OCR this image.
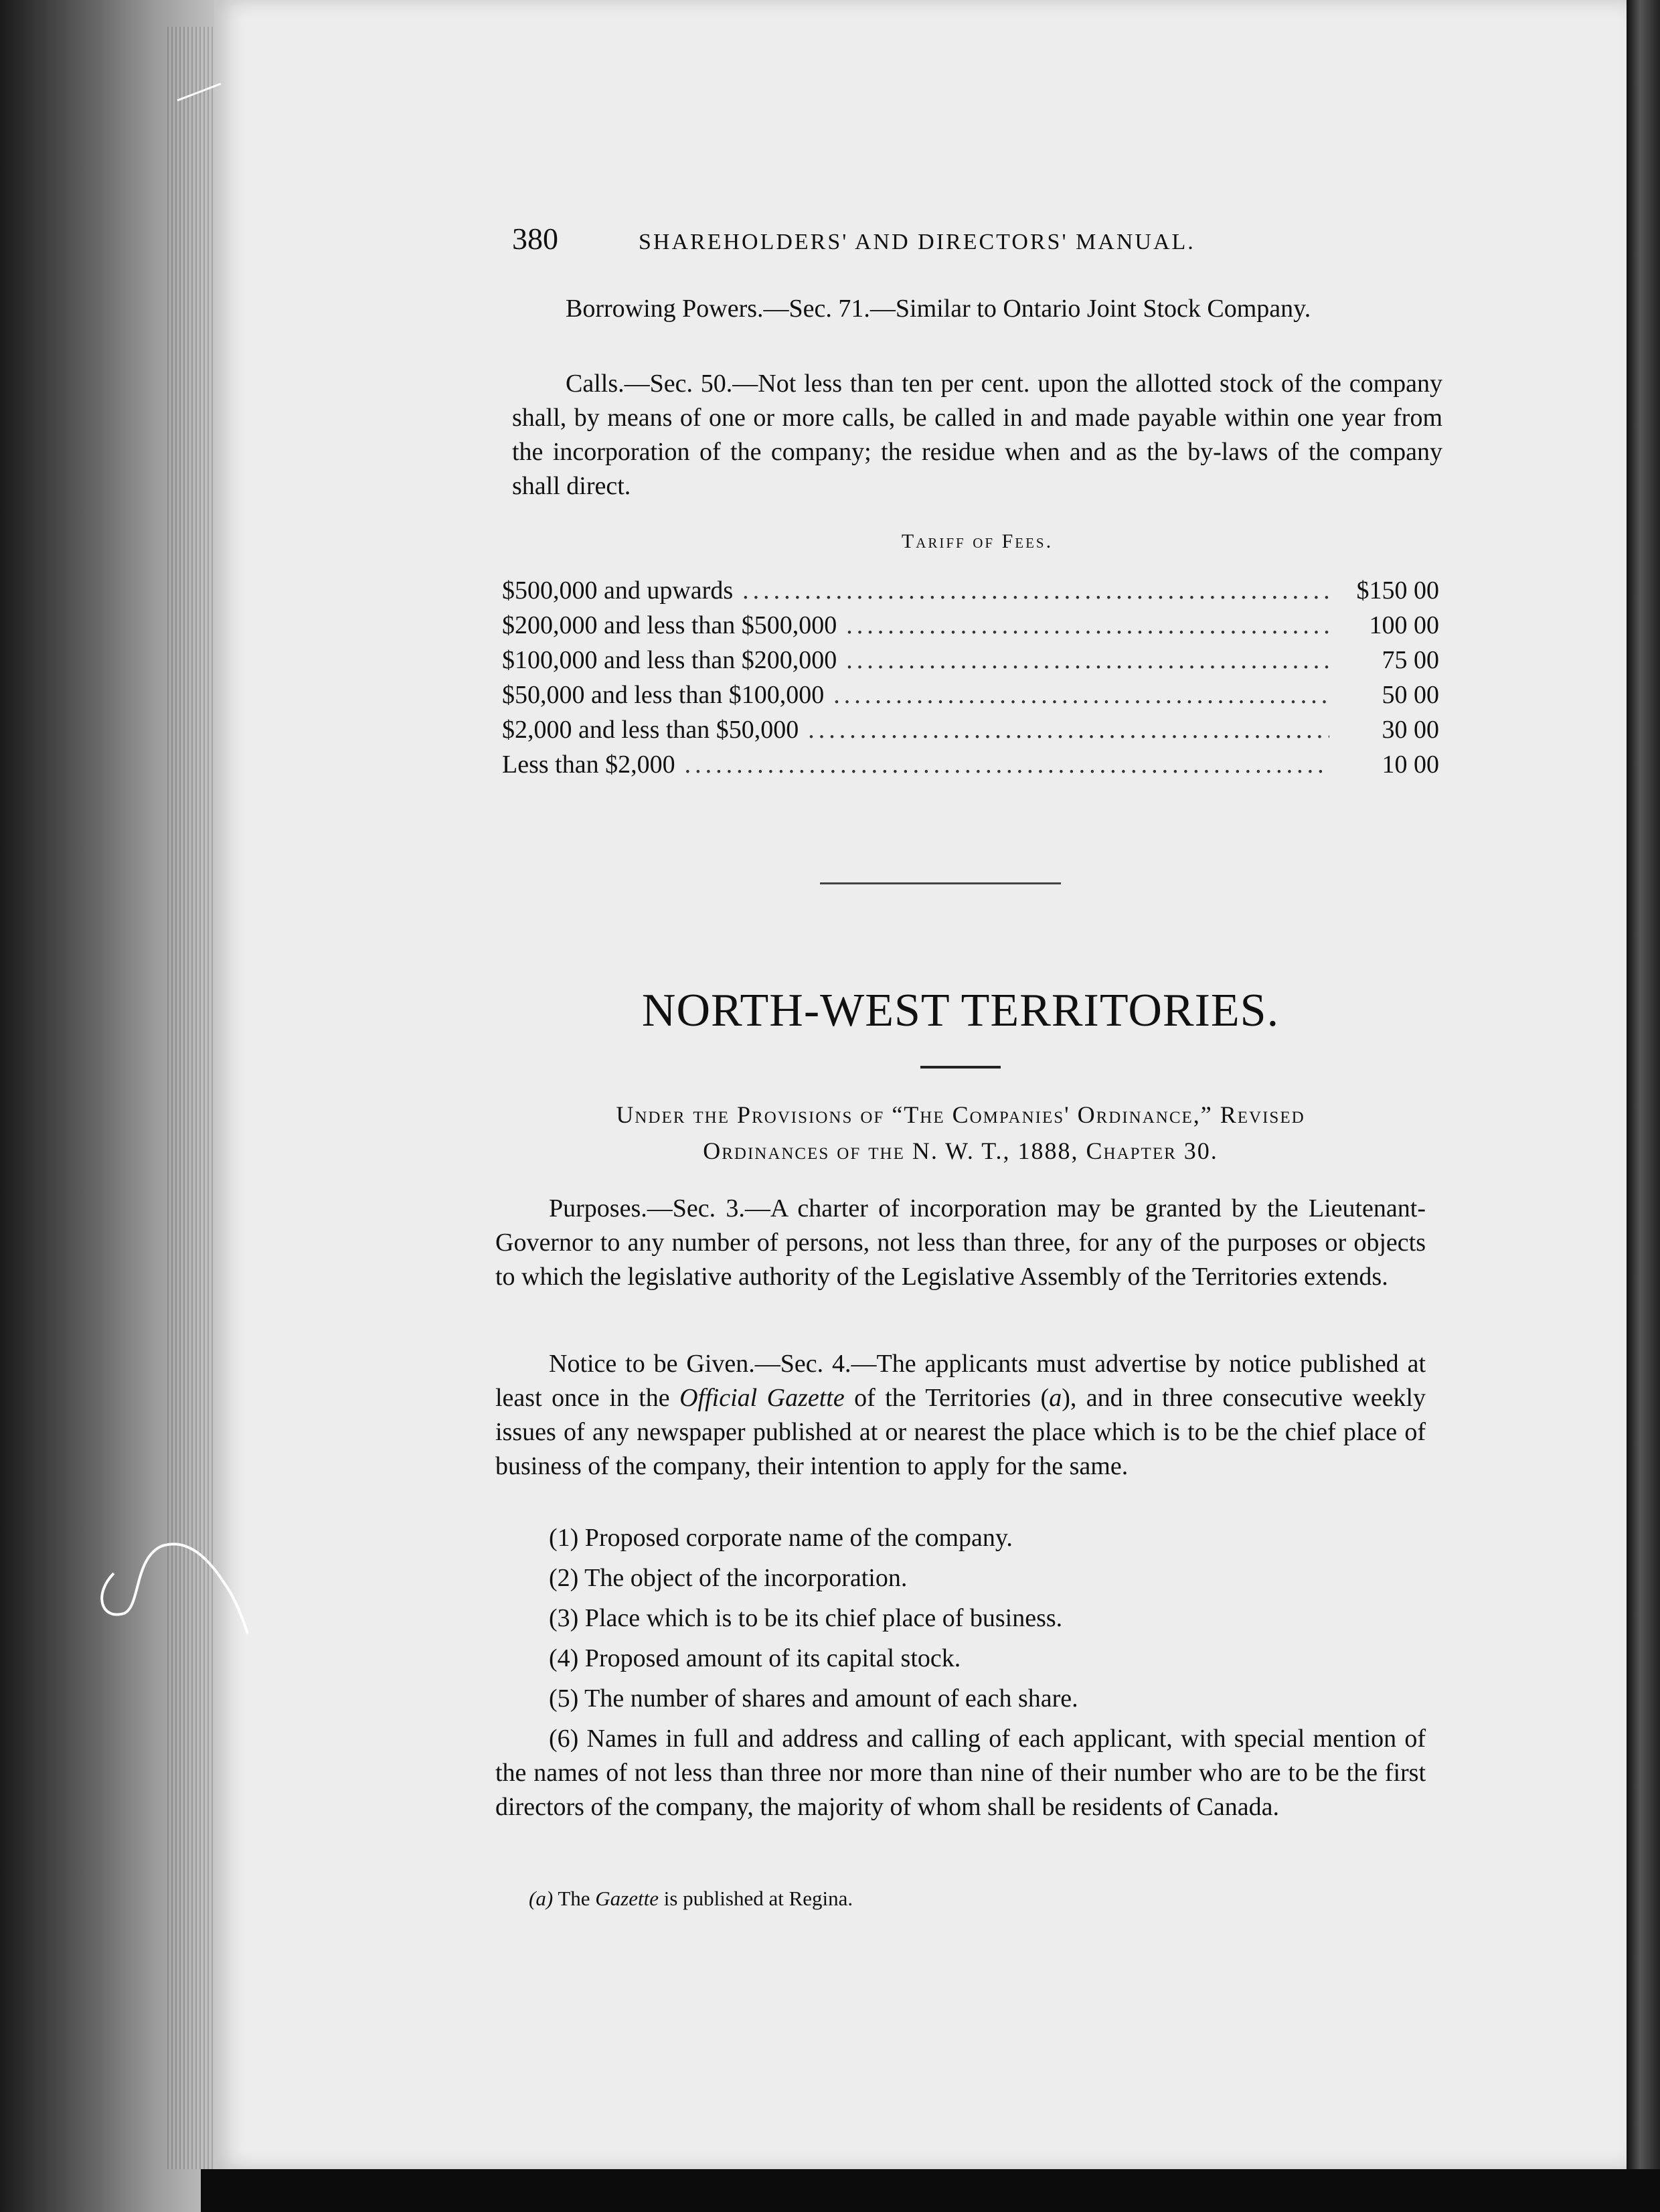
380	SHAREHOLDERS' AND DIRECTORS' MANUAL.
Borrowing Powers.—Sec. 71.—Similar to Ontario Joint Stock Company.
Calls.—Sec. 50.—Not less than ten per cent. upon the allotted stock of the company shall, by means of one or more calls, be called in and made payable within one year from the incorporation of the company; the residue when and as the by-laws of the company shall direct.
Tariff of Fees.
$500,000 and upwards .....	$150 00
$200,000 and less than $500,000 .....	100 00
$100,000 and less than $200,000 .....	75 00
$50,000 and less than $100,000 .....	50 00
$2,000 and less than $50,000 .....	30 00
Less than $2,000 .....	10 00
NORTH-WEST TERRITORIES.
Under the Provisions of “The Companies' Ordinance,” Revised
Ordinances of the N. W. T., 1888, Chapter 30.
Purposes.—Sec. 3.—A charter of incorporation may be granted by the Lieutenant-Governor to any number of persons, not less than three, for any of the purposes or objects to which the legislative authority of the Legislative Assembly of the Territories extends.
Notice to be Given.—Sec. 4.—The applicants must advertise by notice published at least once in the Official Gazette of the Territories (a), and in three consecutive weekly issues of any newspaper published at or nearest the place which is to be the chief place of business of the company, their intention to apply for the same.
(1) Proposed corporate name of the company.
(2) The object of the incorporation.
(3) Place which is to be its chief place of business.
(4) Proposed amount of its capital stock.
(5) The number of shares and amount of each share.
(6) Names in full and address and calling of each applicant, with special mention of the names of not less than three nor more than nine of their number who are to be the first directors of the company, the majority of whom shall be residents of Canada.
(a) The Gazette is published at Regina.
